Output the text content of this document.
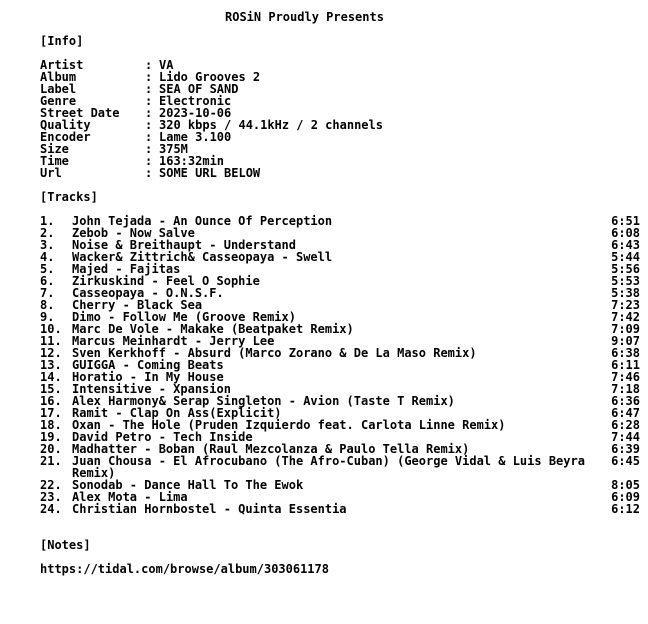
ROSiN Proudly Presents
[Info]
Artist	: VA
Album	: Lido Grooves 2
Label	: SEA OF SAND
Genre	: Electronic
Street Date : 2023-10-06
Quality	: 320 kbps / 44.1kHz / 2 channels
Encoder	: Lame 3.100
Size	: 375M
Time	: 163:32min
Url	: SOME URL BELOW
[Tracks]
1. John Tejada - An Ounce Of Perception	6:51
2. Zebob - Now Salve	6:08
3. Noise & Breithaupt - Understand	6:43
4. Wacker& Zittrich& Casseopaya - Swell	5:44
5. Majed - Fajitas	5:56
6. Zirkuskind - Feel O Sophie	5:53
7. Casseopaya - O.N.S.F.	5:38
8. Cherry - Black Sea	7:23
9. Dimo - Follow Me (Groove Remix)	7:42
10. Marc De Vole - Makake (Beatpaket Remix)	7:09
11. Marcus Meinhardt - Jerry Lee	9:07
12. Sven Kerkhoff - Absurd (Marco Zorano & De La Maso Remix)	6:38
13. GUIGGA - Coming Beats	6:11
14. Horatio - In My House	7:46
15. Intensitive - Xpansion	7:18
16. Alex Harmony& Serap Singleton - Avion (Taste T Remix)	6:36
17. Ramit - Clap On Ass(Explicit)	6:47
18. Oxan - The Hole (Pruden Izquierdo feat. Carlota Linne Remix)	6:28
19. David Petro - Tech Inside	7:44
20. Madhatter - Boban (Raul Mezcolanza & Paulo Tella Remix)	6:39
21. Juan Chousa - El Afrocubano (The Afro-Cuban) (George Vidal & Luis Beyra Remix)
6:45
22. Sonodab - Dance Hall To The Ewok	8:05
23. Alex Mota - Lima	6:09
24. Christian Hornbostel - Quinta Essentia	6:12
[Notes]
https://tidal.com/browse/album/303061178
